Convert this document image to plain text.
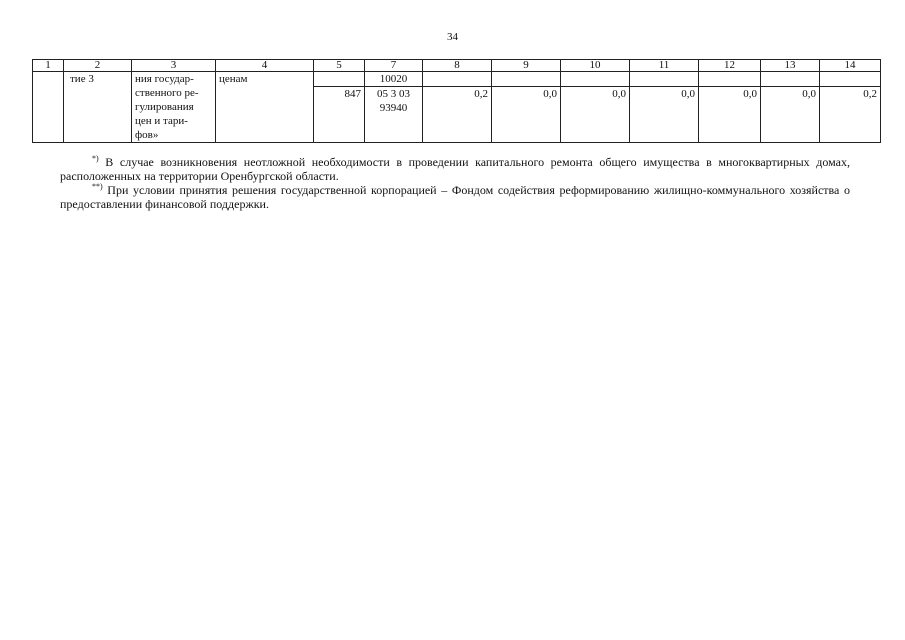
34
1	2	3	4	5	7	8	9	10	11	12	13	14
	тие 3	ния государ-
ственного ре-
гулирования
цен и тари-
фов»	ценам		10020							
				847	05 3 03
93940	0,2	0,0	0,0	0,0	0,0	0,0	0,2

*) В случае возникновения неотложной необходимости в проведении капитального ремонта общего имущества в многоквартирных домах, расположенных на территории Оренбургской области.

**) При условии принятия решения государственной корпорацией – Фондом содействия реформированию жилищно-коммунального хозяйства о предоставлении финансовой поддержки.
